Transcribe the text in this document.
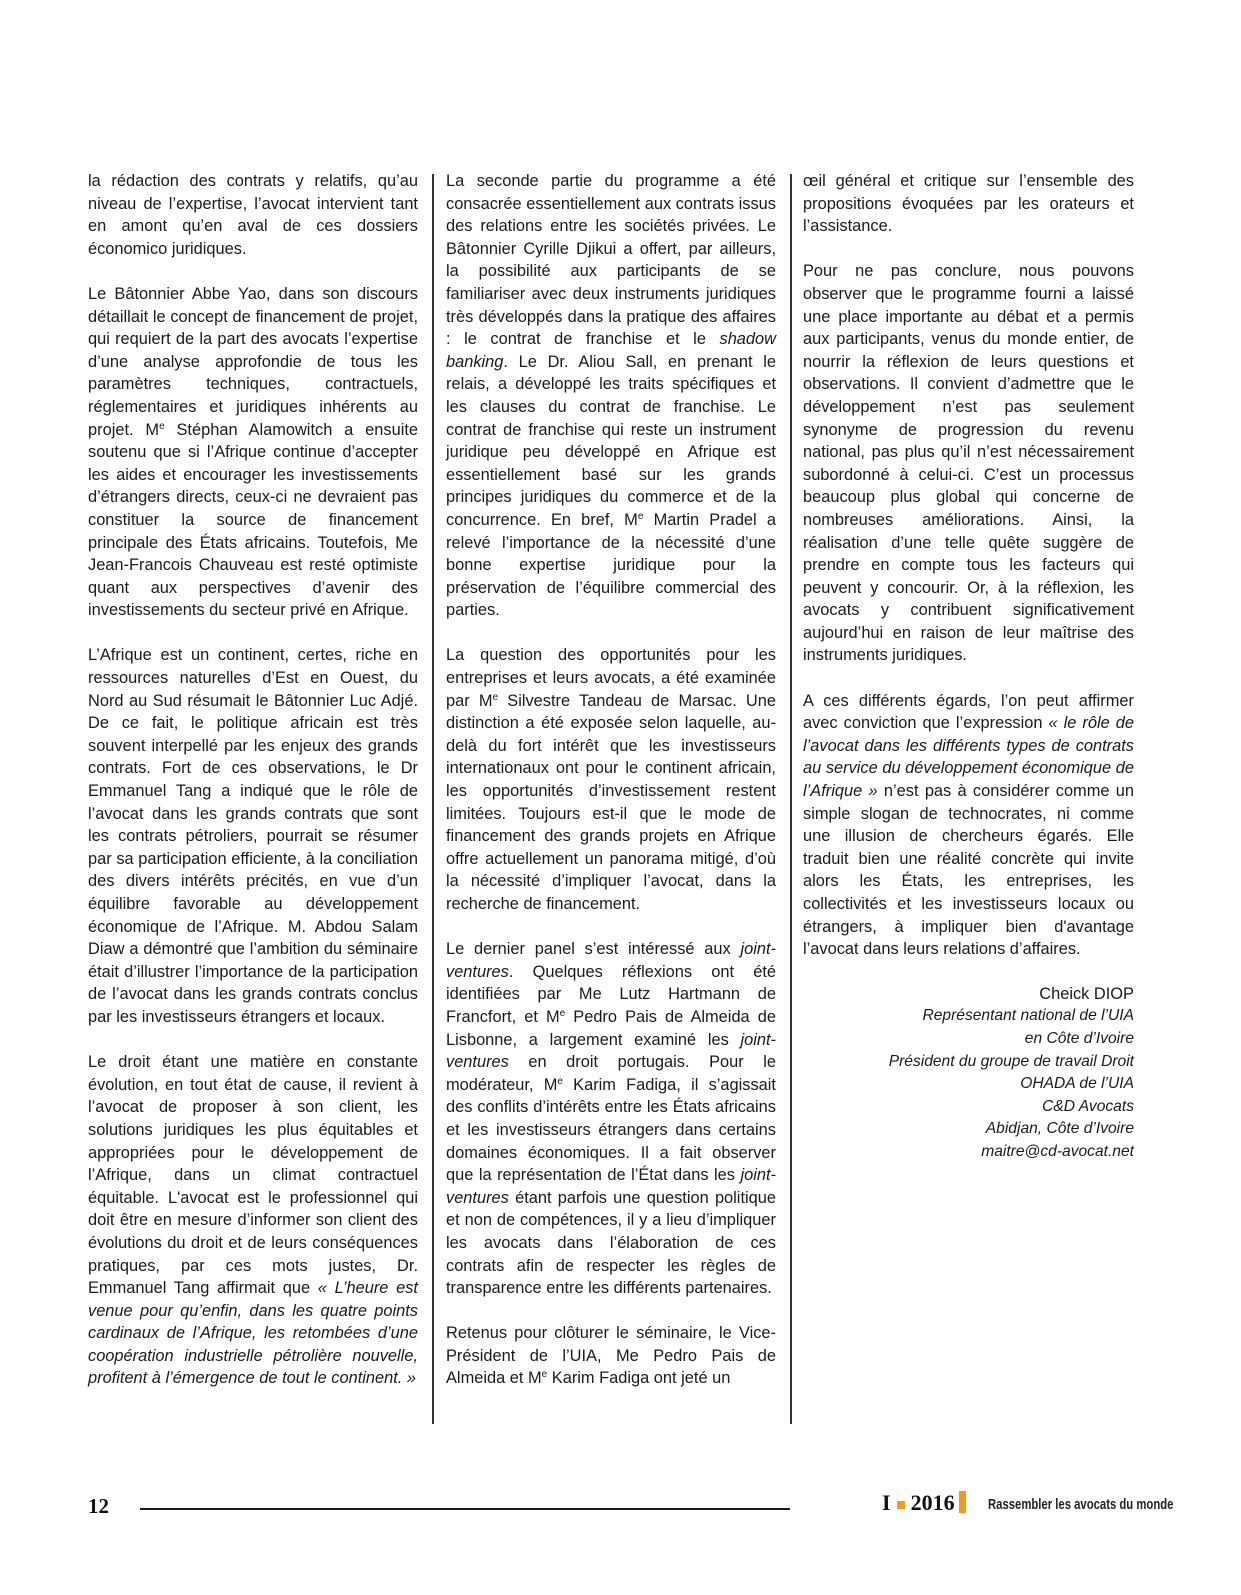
la rédaction des contrats y relatifs, qu’au niveau de l’expertise, l’avocat intervient tant en amont qu’en aval de ces dossiers économico juridiques.

Le Bâtonnier Abbe Yao, dans son discours détaillait le concept de financement de projet, qui requiert de la part des avocats l’expertise d’une analyse approfondie de tous les paramètres techniques, contractuels, réglementaires et juridiques inhérents au projet. Me Stéphan Alamowitch a ensuite soutenu que si l’Afrique continue d’accepter les aides et encourager les investissements d’étrangers directs, ceux-ci ne devraient pas constituer la source de financement principale des États africains. Toutefois, Me Jean-Francois Chauveau est resté optimiste quant aux perspectives d’avenir des investissements du secteur privé en Afrique.

L’Afrique est un continent, certes, riche en ressources naturelles d’Est en Ouest, du Nord au Sud résumait le Bâtonnier Luc Adjé. De ce fait, le politique africain est très souvent interpellé par les enjeux des grands contrats. Fort de ces observations, le Dr Emmanuel Tang a indiqué que le rôle de l’avocat dans les grands contrats que sont les contrats pétroliers, pourrait se résumer par sa participation efficiente, à la conciliation des divers intérêts précités, en vue d’un équilibre favorable au développement économique de l’Afrique. M. Abdou Salam Diaw a démontré que l’ambition du séminaire était d’illustrer l’importance de la participation de l’avocat dans les grands contrats conclus par les investisseurs étrangers et locaux.

Le droit étant une matière en constante évolution, en tout état de cause, il revient à l’avocat de proposer à son client, les solutions juridiques les plus équitables et appropriées pour le développement de l’Afrique, dans un climat contractuel équitable. L'avocat est le professionnel qui doit être en mesure d’informer son client des évolutions du droit et de leurs conséquences pratiques, par ces mots justes, Dr. Emmanuel Tang affirmait que « L’heure est venue pour qu’enfin, dans les quatre points cardinaux de l’Afrique, les retombées d’une coopération industrielle pétrolière nouvelle, profitent à l’émergence de tout le continent. »

La seconde partie du programme a été consacrée essentiellement aux contrats issus des relations entre les sociétés privées. Le Bâtonnier Cyrille Djikui a offert, par ailleurs, la possibilité aux participants de se familiariser avec deux instruments juridiques très développés dans la pratique des affaires : le contrat de franchise et le shadow banking. Le Dr. Aliou Sall, en prenant le relais, a développé les traits spécifiques et les clauses du contrat de franchise. Le contrat de franchise qui reste un instrument juridique peu développé en Afrique est essentiellement basé sur les grands principes juridiques du commerce et de la concurrence. En bref, Me Martin Pradel a relevé l’importance de la nécessité d’une bonne expertise juridique pour la préservation de l’équilibre commercial des parties.

La question des opportunités pour les entreprises et leurs avocats, a été examinée par Me Silvestre Tandeau de Marsac. Une distinction a été exposée selon laquelle, au-delà du fort intérêt que les investisseurs internationaux ont pour le continent africain, les opportunités d’investissement restent limitées. Toujours est-il que le mode de financement des grands projets en Afrique offre actuellement un panorama mitigé, d’où la nécessité d’impliquer l’avocat, dans la recherche de financement.

Le dernier panel s’est intéressé aux joint-ventures. Quelques réflexions ont été identifiées par Me Lutz Hartmann de Francfort, et Me Pedro Pais de Almeida de Lisbonne, a largement examiné les joint-ventures en droit portugais. Pour le modérateur, Me Karim Fadiga, il s’agissait des conflits d’intérêts entre les États africains et les investisseurs étrangers dans certains domaines économiques. Il a fait observer que la représentation de l’État dans les joint-ventures étant parfois une question politique et non de compétences, il y a lieu d’impliquer les avocats dans l’élaboration de ces contrats afin de respecter les règles de transparence entre les différents partenaires.

Retenus pour clôturer le séminaire, le Vice-Président de l’UIA, Me Pedro Pais de Almeida et Me Karim Fadiga ont jeté un

œil général et critique sur l’ensemble des propositions évoquées par les orateurs et l’assistance.

Pour ne pas conclure, nous pouvons observer que le programme fourni a laissé une place importante au débat et a permis aux participants, venus du monde entier, de nourrir la réflexion de leurs questions et observations. Il convient d’admettre que le développement n’est pas seulement synonyme de progression du revenu national, pas plus qu’il n’est nécessairement subordonné à celui-ci. C’est un processus beaucoup plus global qui concerne de nombreuses améliorations. Ainsi, la réalisation d’une telle quête suggère de prendre en compte tous les facteurs qui peuvent y concourir. Or, à la réflexion, les avocats y contribuent significativement aujourd’hui en raison de leur maîtrise des instruments juridiques.

A ces différents égards, l’on peut affirmer avec conviction que l’expression « le rôle de l’avocat dans les différents types de contrats au service du développement économique de l’Afrique » n’est pas à considérer comme un simple slogan de technocrates, ni comme une illusion de chercheurs égarés. Elle traduit bien une réalité concrète qui invite alors les États, les entreprises, les collectivités et les investisseurs locaux ou étrangers, à impliquer bien d'avantage l’avocat dans leurs relations d’affaires.

Cheick DIOP
Représentant national de l’UIA
en Côte d’Ivoire
Président du groupe de travail Droit
OHADA de l’UIA
C&D Avocats
Abidjan, Côte d’Ivoire
maitre@cd-avocat.net
12	I 2016	Rassembler les avocats du monde
